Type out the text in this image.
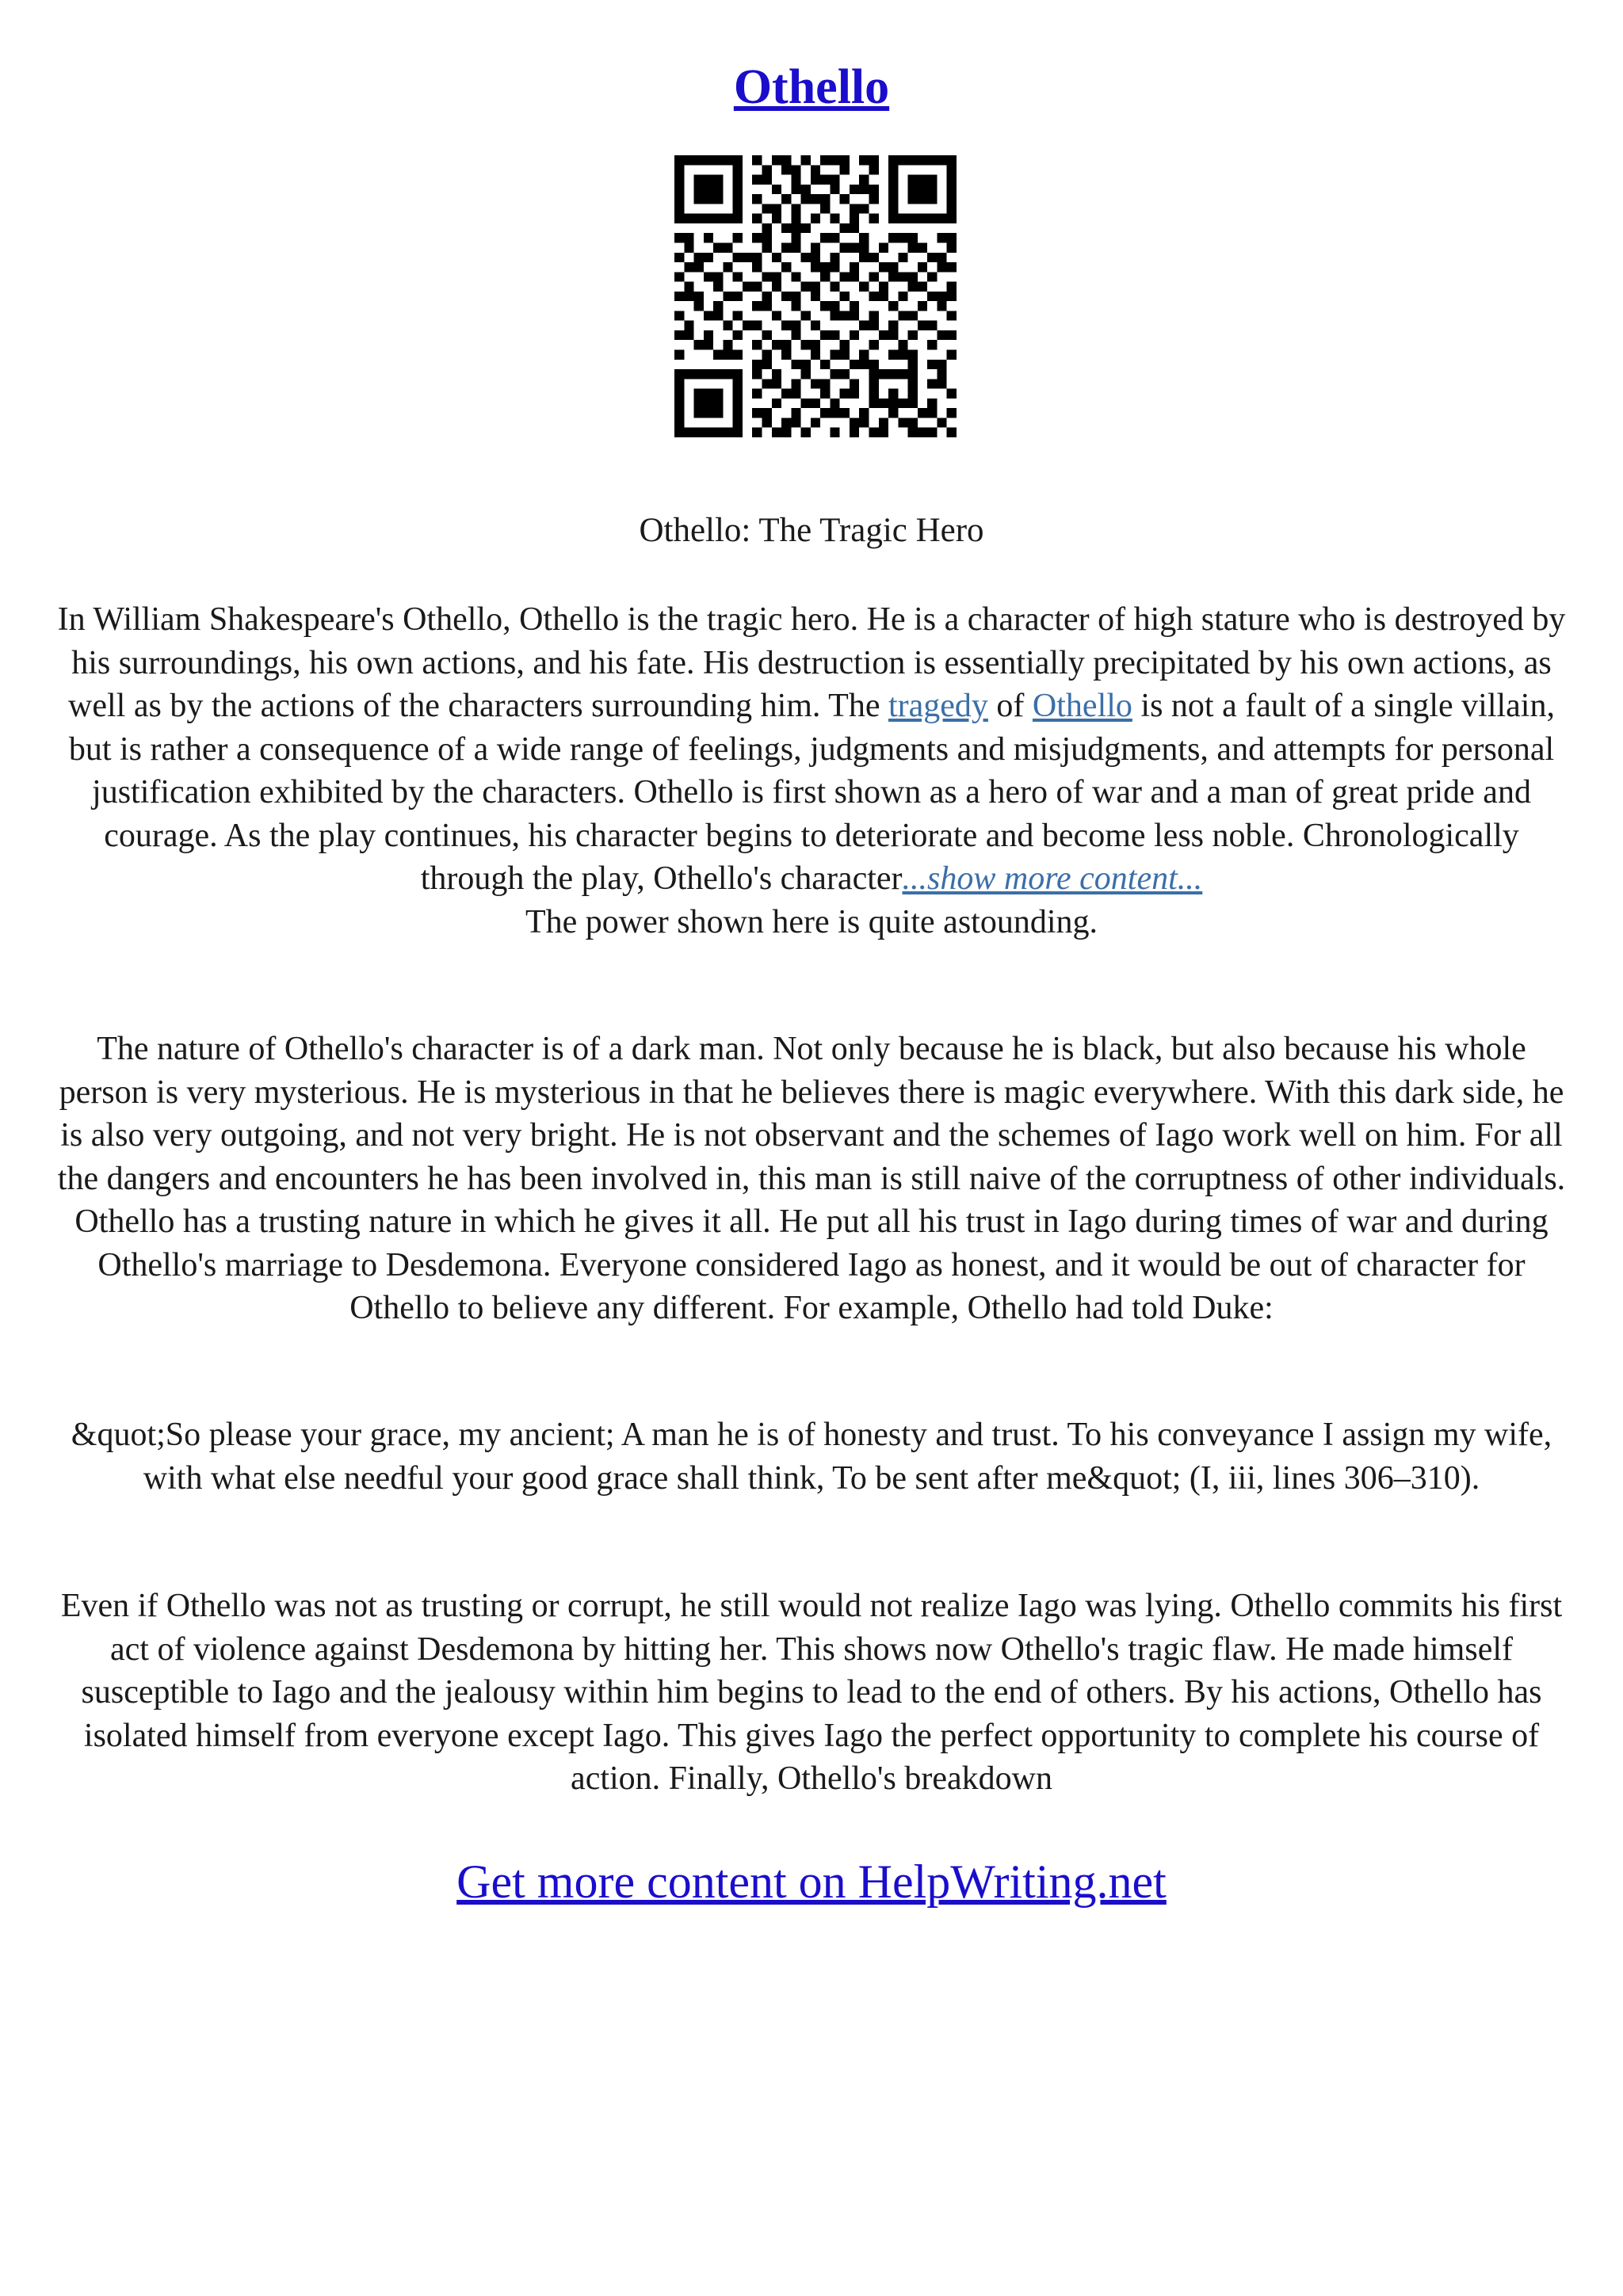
Othello
Othello: The Tragic Hero

In William Shakespeare's Othello, Othello is the tragic hero. He is a character of high stature who is destroyed by his surroundings, his own actions, and his fate. His destruction is essentially precipitated by his own actions, as well as by the actions of the characters surrounding him. The tragedy of Othello is not a fault of a single villain, but is rather a consequence of a wide range of feelings, judgments and misjudgments, and attempts for personal justification exhibited by the characters. Othello is first shown as a hero of war and a man of great pride and courage. As the play continues, his character begins to deteriorate and become less noble. Chronologically through the play, Othello's character...show more content...

The power shown here is quite astounding.

The nature of Othello's character is of a dark man. Not only because he is black, but also because his whole person is very mysterious. He is mysterious in that he believes there is magic everywhere. With this dark side, he is also very outgoing, and not very bright. He is not observant and the schemes of Iago work well on him. For all the dangers and encounters he has been involved in, this man is still naive of the corruptness of other individuals. Othello has a trusting nature in which he gives it all. He put all his trust in Iago during times of war and during Othello's marriage to Desdemona. Everyone considered Iago as honest, and it would be out of character for Othello to believe any different. For example, Othello had told Duke:

&quot;So please your grace, my ancient; A man he is of honesty and trust. To his conveyance I assign my wife, with what else needful your good grace shall think, To be sent after me&quot; (I, iii, lines 306–310).

Even if Othello was not as trusting or corrupt, he still would not realize Iago was lying. Othello commits his first act of violence against Desdemona by hitting her. This shows now Othello's tragic flaw. He made himself susceptible to Iago and the jealousy within him begins to lead to the end of others. By his actions, Othello has isolated himself from everyone except Iago. This gives Iago the perfect opportunity to complete his course of action. Finally, Othello's breakdown

Get more content on HelpWriting.net
